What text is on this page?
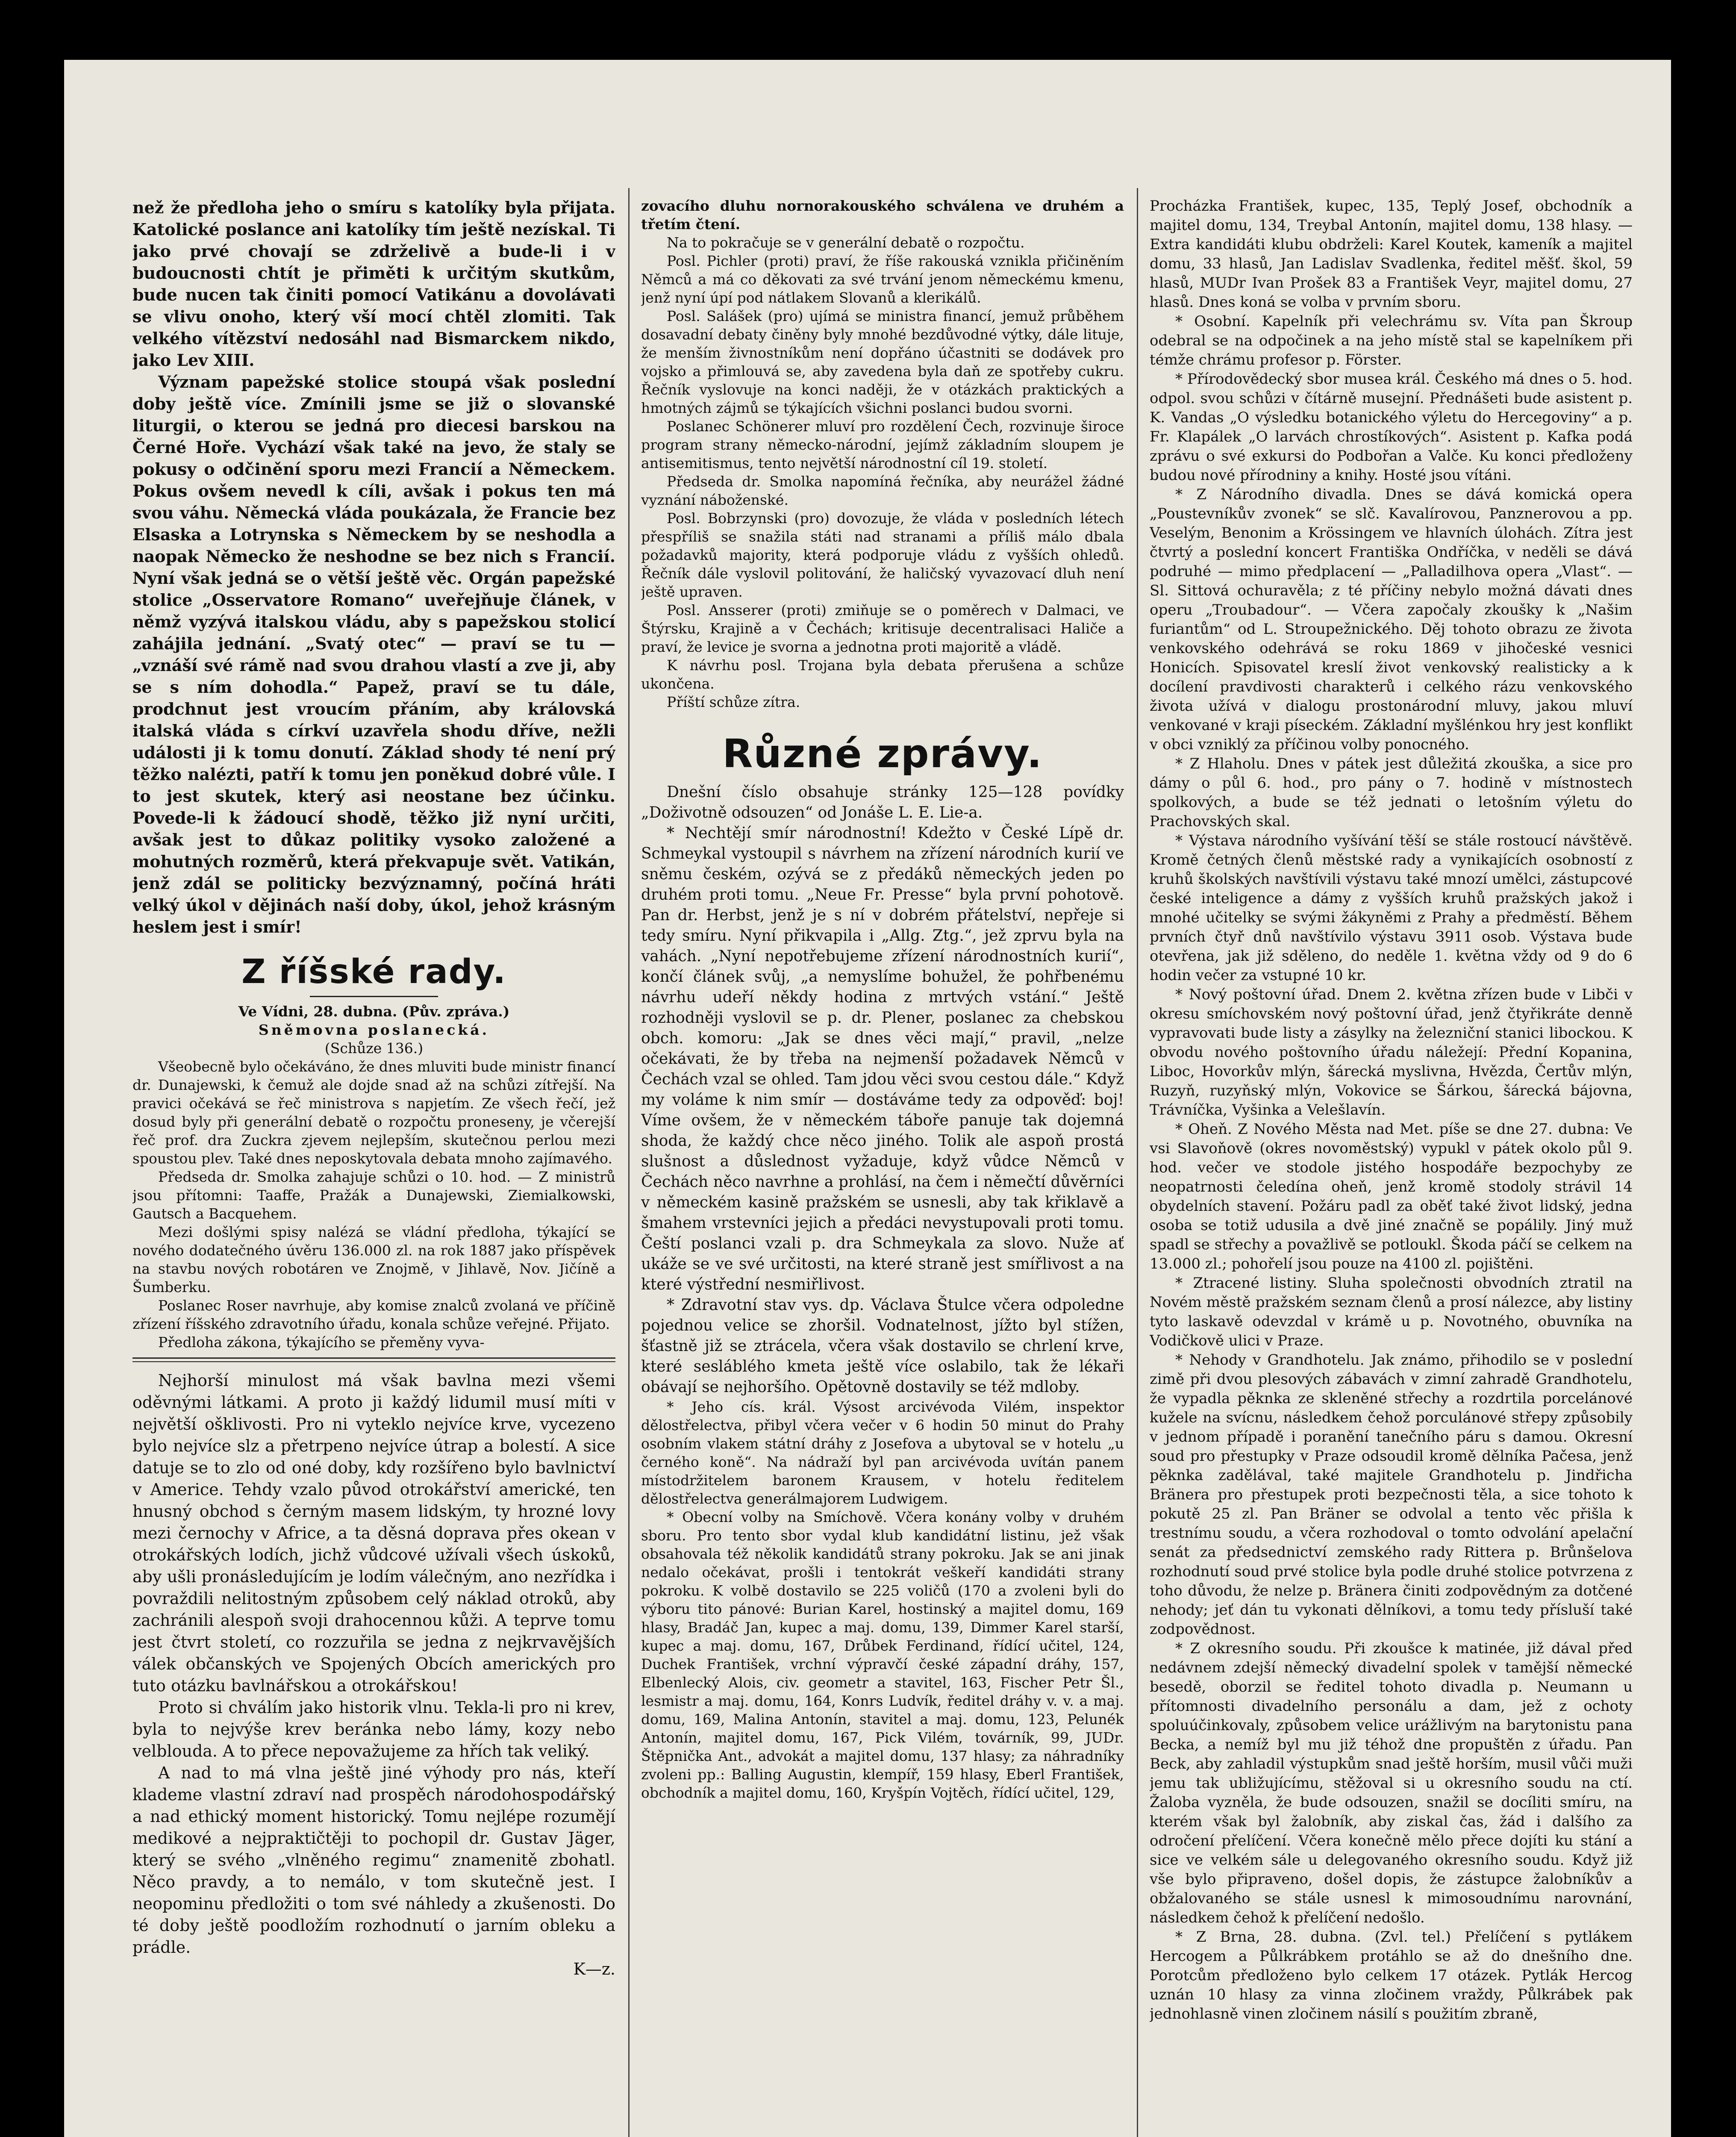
než že předloha jeho o smíru s katolíky byla přijata. Katolické poslance ani katolíky tím ještě nezískal. Ti jako prvé chovají se zdrželivě a bude-li i v budoucnosti chtít je přiměti k určitým skutkům, bude nucen tak činiti pomocí Vatikánu a dovolávati se vlivu onoho, který vší mocí chtěl zlomiti. Tak velkého vítězství nedosáhl nad Bismarckem nikdo, jako Lev XIII.

Význam papežské stolice stoupá však poslední doby ještě více. Zmínili jsme se již o slovanské liturgii, o kterou se jedná pro diecesi barskou na Černé Hoře. Vychází však také na jevo, že staly se pokusy o odčinění sporu mezi Francií a Německem. Pokus ovšem nevedl k cíli, avšak i pokus ten má svou váhu. Německá vláda poukázala, že Francie bez Elsaska a Lotrynska s Německem by se neshodla a naopak Německo že neshodne se bez nich s Francií. Nyní však jedná se o větší ještě věc. Orgán papežské stolice „Osservatore Romano“ uveřejňuje článek, v němž vyzývá italskou vládu, aby s papežskou stolicí zahájila jednání. „Svatý otec“ — praví se tu — „vznáší své rámě nad svou drahou vlastí a zve ji, aby se s ním dohodla.“ Papež, praví se tu dále, prodchnut jest vroucím přáním, aby královská italská vláda s církví uzavřela shodu dříve, nežli události ji k tomu donutí. Základ shody té není prý těžko nalézti, patří k tomu jen poněkud dobré vůle. I to jest skutek, který asi neostane bez účinku. Povede-li k žádoucí shodě, těžko již nyní určiti, avšak jest to důkaz politiky vysoko založené a mohutných rozměrů, která překvapuje svět. Vatikán, jenž zdál se politicky bezvýznamný, počíná hráti velký úkol v dějinách naší doby, úkol, jehož krásným heslem jest i smír!

Z říšské rady.

Ve Vídni, 28. dubna. (Pův. zpráva.)

Sněmovna poslanecká.

(Schůze 136.)

Všeobecně bylo očekáváno, že dnes mluviti bude ministr financí dr. Dunajewski, k čemuž ale dojde snad až na schůzi zítřejší. Na pravici očekává se řeč ministrova s napjetím. Ze všech řečí, jež dosud byly při generální debatě o rozpočtu proneseny, je včerejší řeč prof. dra Zuckra zjevem nejlepším, skutečnou perlou mezi spoustou plev. Také dnes neposkytovala debata mnoho zajímavého.

Předseda dr. Smolka zahajuje schůzi o 10. hod. — Z ministrů jsou přítomni: Taaffe, Pražák a Dunajewski, Ziemialkowski, Gautsch a Bacquehem.

Mezi došlými spisy nalézá se vládní předloha, týkající se nového dodatečného úvěru 136.000 zl. na rok 1887 jako příspěvek na stavbu nových robotáren ve Znojmě, v Jihlavě, Nov. Jičíně a Šumberku.

Poslanec Roser navrhuje, aby komise znalců zvolaná ve příčině zřízení říšského zdravotního úřadu, konala schůze veřejné. Přijato.

Předloha zákona, týkajícího se přeměny vyva-

Nejhorší minulost má však bavlna mezi všemi oděvnými látkami. A proto ji každý lidumil musí míti v největší ošklivosti. Pro ni vyteklo nejvíce krve, vycezeno bylo nejvíce slz a přetrpeno nejvíce útrap a bolestí. A sice datuje se to zlo od oné doby, kdy rozšířeno bylo bavlnictví v Americe. Tehdy vzalo původ otrokářství americké, ten hnusný obchod s černým masem lidským, ty hrozné lovy mezi černochy v Africe, a ta děsná doprava přes okean v otrokářských lodích, jichž vůdcové užívali všech úskoků, aby ušli pronásledujícím je lodím válečným, ano nezřídka i povraždili nelitostným způsobem celý náklad otroků, aby zachránili alespoň svoji drahocennou kůži. A teprve tomu jest čtvrt století, co rozzuřila se jedna z nejkrvavějších válek občanských ve Spojených Obcích amerických pro tuto otázku bavlnářskou a otrokářskou!

Proto si chválím jako historik vlnu. Tekla-li pro ni krev, byla to nejvýše krev beránka nebo lámy, kozy nebo velblouda. A to přece nepovažujeme za hřích tak veliký.

A nad to má vlna ještě jiné výhody pro nás, kteří klademe vlastní zdraví nad prospěch národohospodářský a nad ethický moment historický. Tomu nejlépe rozumějí medikové a nejpraktičtěji to pochopil dr. Gustav Jäger, který se svého „vlněného regimu“ znamenitě zbohatl. Něco pravdy, a to nemálo, v tom skutečně jest. I neopominu předložiti o tom své náhledy a zkušenosti. Do té doby ještě poodložím rozhodnutí o jarním obleku a prádle.

K—z.

zovacího dluhu nornorakouského schválena ve druhém a třetím čtení.

Na to pokračuje se v generální debatě o rozpočtu.

Posl. Pichler (proti) praví, že říše rakouská vznikla přičiněním Němců a má co děkovati za své trvání jenom německému kmenu, jenž nyní úpí pod nátlakem Slovanů a klerikálů.

Posl. Salášek (pro) ujímá se ministra financí, jemuž průběhem dosavadní debaty činěny byly mnohé bezdůvodné výtky, dále lituje, že menším živnostníkům není dopřáno účastniti se dodávek pro vojsko a přimlouvá se, aby zavedena byla daň ze spotřeby cukru. Řečník vyslovuje na konci naději, že v otázkách praktických a hmotných zájmů se týkajících všichni poslanci budou svorni.

Poslanec Schönerer mluví pro rozdělení Čech, rozvinuje široce program strany německo-národní, jejímž základním sloupem je antisemitismus, tento největší národnostní cíl 19. století.

Předseda dr. Smolka napomíná řečníka, aby neurážel žádné vyznání náboženské.

Posl. Bobrzynski (pro) dovozuje, že vláda v posledních létech přespříliš se snažila státi nad stranami a příliš málo dbala požadavků majority, která podporuje vládu z vyšších ohledů. Řečník dále vyslovil politování, že haličský vyvazovací dluh není ještě upraven.

Posl. Ansserer (proti) zmiňuje se o poměrech v Dalmaci, ve Štýrsku, Krajině a v Čechách; kritisuje decentralisaci Haliče a praví, že levice je svorna a jednotna proti majoritě a vládě.

K návrhu posl. Trojana byla debata přerušena a schůze ukončena.

Příští schůze zítra.

Různé zprávy.

Dnešní číslo obsahuje stránky 125—128 povídky „Doživotně odsouzen“ od Jonáše L. E. Lie-a.

* Nechtějí smír národnostní! Kdežto v České Lípě dr. Schmeykal vystoupil s návrhem na zřízení národních kurií ve sněmu českém, ozývá se z předáků německých jeden po druhém proti tomu. „Neue Fr. Presse“ byla první pohotově. Pan dr. Herbst, jenž je s ní v dobrém přátelství, nepřeje si tedy smíru. Nyní přikvapila i „Allg. Ztg.“, jež zprvu byla na vahách. „Nyní nepotřebujeme zřízení národnostních kurií“, končí článek svůj, „a nemyslíme bohužel, že pohřbenému návrhu udeří někdy hodina z mrtvých vstání.“ Ještě rozhodněji vyslovil se p. dr. Plener, poslanec za chebskou obch. komoru: „Jak se dnes věci mají,“ pravil, „nelze očekávati, že by třeba na nejmenší požadavek Němců v Čechách vzal se ohled. Tam jdou věci svou cestou dále.“ Když my voláme k nim smír — dostáváme tedy za odpověď: boj! Víme ovšem, že v německém táboře panuje tak dojemná shoda, že každý chce něco jiného. Tolik ale aspoň prostá slušnost a důslednost vyžaduje, když vůdce Němců v Čechách něco navrhne a prohlásí, na čem i němečtí důvěrníci v německém kasině pražském se usnesli, aby tak křiklavě a šmahem vrstevníci jejich a předáci nevystupovali proti tomu. Čeští poslanci vzali p. dra Schmeykala za slovo. Nuže ať ukáže se ve své určitosti, na které straně jest smířlivost a na které výstřední nesmiřlivost.

* Zdravotní stav vys. dp. Václava Štulce včera odpoledne pojednou velice se zhoršil. Vodnatelnost, jížto byl stížen, šťastně již se ztrácela, včera však dostavilo se chrlení krve, které sesláblého kmeta ještě více oslabilo, tak že lékaři obávají se nejhoršího. Opětovně dostavily se též mdloby.

* Jeho cís. král. Výsost arcivévoda Vilém, inspektor dělostřelectva, přibyl včera večer v 6 hodin 50 minut do Prahy osobním vlakem státní dráhy z Josefova a ubytoval se v hotelu „u černého koně“. Na nádraží byl pan arcivévoda uvítán panem místodržitelem baronem Krausem, v hotelu ředitelem dělostřelectva generálmajorem Ludwigem.

* Obecní volby na Smíchově. Včera konány volby v druhém sboru. Pro tento sbor vydal klub kandidátní listinu, jež však obsahovala též několik kandidátů strany pokroku. Jak se ani jinak nedalo očekávat, prošli i tentokrát veškeří kandidáti strany pokroku. K volbě dostavilo se 225 voličů (170 a zvoleni byli do výboru tito pánové: Burian Karel, hostinský a majitel domu, 169 hlasy, Bradáč Jan, kupec a maj. domu, 139, Dimmer Karel starší, kupec a maj. domu, 167, Drůbek Ferdinand, řídící učitel, 124, Duchek František, vrchní výpravčí české západní dráhy, 157, Elbenlecký Alois, civ. geometr a stavitel, 163, Fischer Petr Šl., lesmistr a maj. domu, 164, Konrs Ludvík, ředitel dráhy v. v. a maj. domu, 169, Malina Antonín, stavitel a maj. domu, 123, Pelunék Antonín, majitel domu, 167, Pick Vilém, továrník, 99, JUDr. Štěpnička Ant., advokát a majitel domu, 137 hlasy; za náhradníky zvoleni pp.: Balling Augustin, klempíř, 159 hlasy, Eberl František, obchodník a majitel domu, 160, Kryšpín Vojtěch, řídící učitel, 129,

Procházka František, kupec, 135, Teplý Josef, obchodník a majitel domu, 134, Treybal Antonín, majitel domu, 138 hlasy. — Extra kandidáti klubu obdrželi: Karel Koutek, kameník a majitel domu, 33 hlasů, Jan Ladislav Svadlenka, ředitel měšť. škol, 59 hlasů, MUDr Ivan Prošek 83 a František Veyr, majitel domu, 27 hlasů. Dnes koná se volba v prvním sboru.

* Osobní. Kapelník při velechrámu sv. Víta pan Škroup odebral se na odpočinek a na jeho místě stal se kapelníkem při témže chrámu profesor p. Förster.

* Přírodovědecký sbor musea král. Českého má dnes o 5. hod. odpol. svou schůzi v čítárně musejní. Přednášeti bude asistent p. K. Vandas „O výsledku botanického výletu do Hercegoviny“ a p. Fr. Klapálek „O larvách chrostíkových“. Asistent p. Kafka podá zprávu o své exkursi do Podbořan a Valče. Ku konci předloženy budou nové přírodniny a knihy. Hosté jsou vítáni.

* Z Národního divadla. Dnes se dává komická opera „Poustevníkův zvonek“ se slč. Kavalírovou, Panznerovou a pp. Veselým, Benonim a Krössingem ve hlavních úlohách. Zítra jest čtvrtý a poslední koncert Františka Ondříčka, v neděli se dává podruhé — mimo předplacení — „Palladilhova opera „Vlast“. — Sl. Sittová ochuravěla; z té příčiny nebylo možná dávati dnes operu „Troubadour“. — Včera započaly zkoušky k „Našim furiantům“ od L. Stroupežnického. Děj tohoto obrazu ze života venkovského odehrává se roku 1869 v jihočeské vesnici Honicích. Spisovatel kreslí život venkovský realisticky a k docílení pravdivosti charakterů i celkého rázu venkovského života užívá v dialogu prostonárodní mluvy, jakou mluví venkované v kraji píseckém. Základní myšlénkou hry jest konflikt v obci vzniklý za příčinou volby ponocného.

* Z Hlaholu. Dnes v pátek jest důležitá zkouška, a sice pro dámy o půl 6. hod., pro pány o 7. hodině v místnostech spolkových, a bude se též jednati o letošním výletu do Prachovských skal.

* Výstava národního vyšívání těší se stále rostoucí návštěvě. Kromě četných členů městské rady a vynikajících osobností z kruhů školských navštívili výstavu také mnozí umělci, zástupcové české inteligence a dámy z vyšších kruhů pražských jakož i mnohé učitelky se svými žákyněmi z Prahy a předměstí. Během prvních čtyř dnů navštívilo výstavu 3911 osob. Výstava bude otevřena, jak již sděleno, do neděle 1. května vždy od 9 do 6 hodin večer za vstupné 10 kr.

* Nový poštovní úřad. Dnem 2. května zřízen bude v Libči v okresu smíchovském nový poštovní úřad, jenž čtyřikráte denně vypravovati bude listy a zásylky na železniční stanici libockou. K obvodu nového poštovního úřadu náležejí: Přední Kopanina, Liboc, Hovorkův mlýn, šárecká myslivna, Hvězda, Čertův mlýn, Ruzyň, ruzyňský mlýn, Vokovice se Šárkou, šárecká bájovna, Trávníčka, Vyšinka a Velešlavín.

* Oheň. Z Nového Města nad Met. píše se dne 27. dubna: Ve vsi Slavoňově (okres novoměstský) vypukl v pátek okolo půl 9. hod. večer ve stodole jistého hospodáře bezpochyby ze neopatrnosti čeledína oheň, jenž kromě stodoly strávil 14 obydelních stavení. Požáru padl za oběť také život lidský, jedna osoba se totiž udusila a dvě jiné značně se popálily. Jiný muž spadl se střechy a považlivě se potloukl. Škoda páčí se celkem na 13.000 zl.; pohořelí jsou pouze na 4100 zl. pojištěni.

* Ztracené listiny. Sluha společnosti obvodních ztratil na Novém městě pražském seznam členů a prosí nálezce, aby listiny tyto laskavě odevzdal v krámě u p. Novotného, obuvníka na Vodičkově ulici v Praze.

* Nehody v Grandhotelu. Jak známo, přihodilo se v poslední zimě při dvou plesových zábavách v zimní zahradě Grandhotelu, že vypadla pěknka ze skleněné střechy a rozdrtila porcelánové kužele na svícnu, následkem čehož porculánové střepy způsobily v jednom případě i poranění tanečního páru s damou. Okresní soud pro přestupky v Praze odsoudil kromě dělníka Pačesa, jenž pěknka zadělával, také majitele Grandhotelu p. Jindřicha Bränera pro přestupek proti bezpečnosti těla, a sice tohoto k pokutě 25 zl. Pan Bräner se odvolal a tento věc přišla k trestnímu soudu, a včera rozhodoval o tomto odvolání apelační senát za předsednictví zemského rady Rittera p. Brůnšelova rozhodnutí soud prvé stolice byla podle druhé stolice potvrzena z toho důvodu, že nelze p. Bränera činiti zodpovědným za dotčené nehody; jeť dán tu vykonati dělníkovi, a tomu tedy přísluší také zodpovědnost.

* Z okresního soudu. Při zkoušce k matinée, již dával před nedávnem zdejší německý divadelní spolek v tamější německé besedě, oborzil se ředitel tohoto divadla p. Neumann u přítomnosti divadelního personálu a dam, jež z ochoty spoluúčinkovaly, způsobem velice urážlivým na barytonistu pana Becka, a nemíž byl mu již téhož dne propuštěn z úřadu. Pan Beck, aby zahladil výstupkům snad ještě horším, musil vůči muži jemu tak ubližujícímu, stěžoval si u okresního soudu na ctí. Žaloba vyzněla, že bude odsouzen, snažil se docíliti smíru, na kterém však byl žalobník, aby ziskal čas, žád i dalšího za odročení přelíčení. Včera konečně mělo přece dojíti ku stání a sice ve velkém sále u delegovaného okresního soudu. Když již vše bylo připraveno, došel dopis, že zástupce žalobníkův a obžalovaného se stále usnesl k mimosoudnímu narovnání, následkem čehož k přelíčení nedošlo.

* Z Brna, 28. dubna. (Zvl. tel.) Přelíčení s pytlákem Hercogem a Půlkrábkem protáhlo se až do dnešního dne. Porotcům předloženo bylo celkem 17 otázek. Pytlák Hercog uznán 10 hlasy za vinna zločinem vraždy, Půlkrábek pak jednohlasně vinen zločinem násilí s použitím zbraně,
